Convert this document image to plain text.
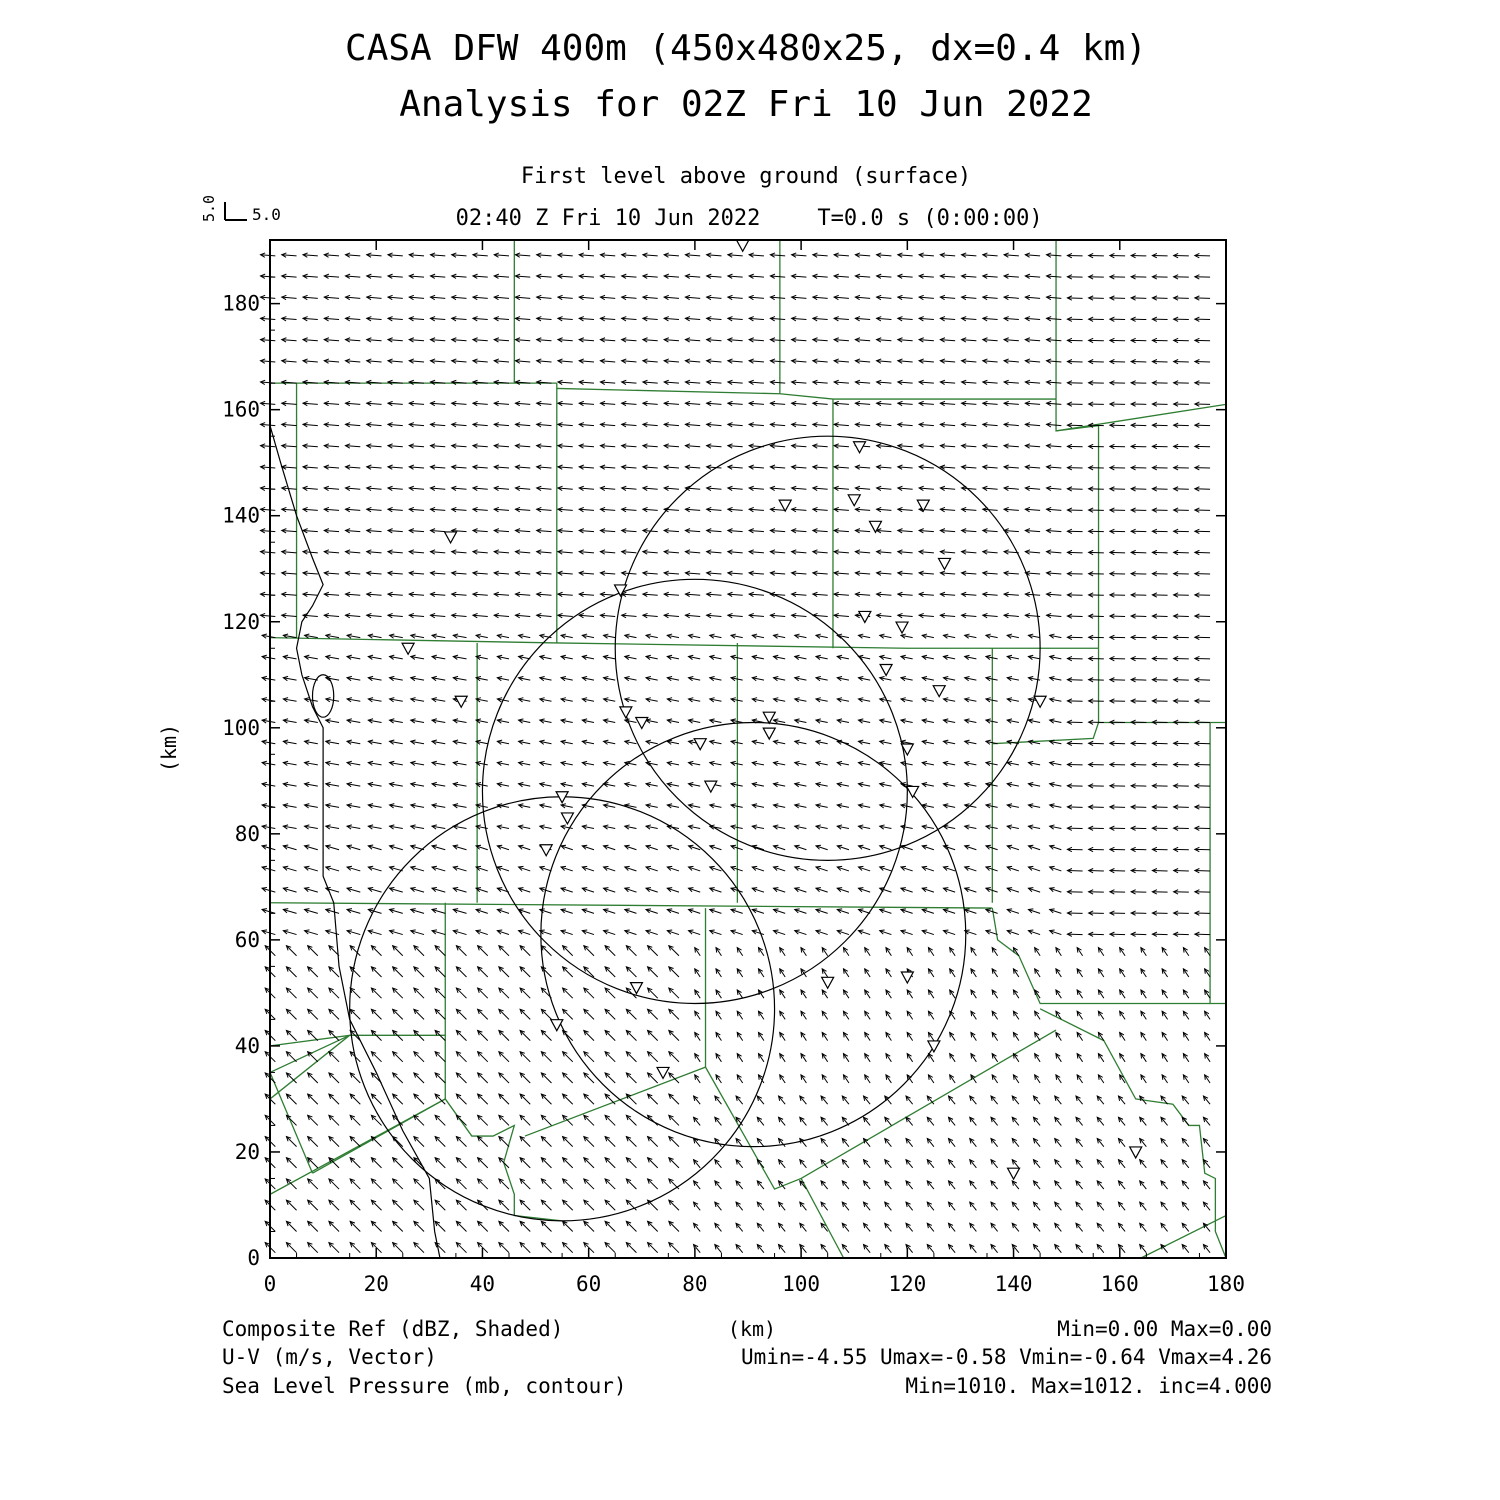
CASA DFW 400m (450x480x25, dx=0.4 km)
Analysis for 02Z Fri 10 Jun 2022
First level above ground (surface)
02:40 Z Fri 10 Jun 2022	T=0.0 s (0:00:00)
5.0 5.0
0	20	40	60	80	100	120	140	160	180
0
20
40
60
80
100
120
140
160
180
(km)
(km)
Composite Ref (dBZ, Shaded)	Min=0.00 Max=0.00
U-V (m/s, Vector)	Umin=-4.55 Umax=-0.58 Vmin=-0.64 Vmax=4.26
Sea Level Pressure (mb, contour)	Min=1010. Max=1012. inc=4.000
